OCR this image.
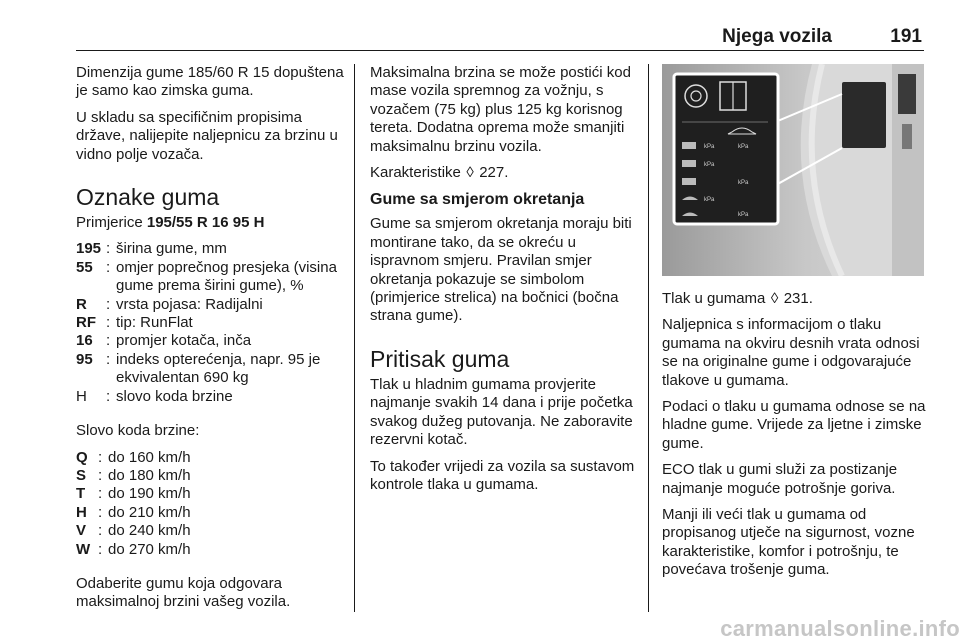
Njega vozila	191

Dimenzija gume 185/60 R 15 dopuštena je samo kao zimska guma.

U skladu sa specifičnim propisima države, nalijepite naljepnicu za brzinu u vidno polje vozača.

Oznake guma

Primjerice 195/55 R 16 95 H

195 : širina gume, mm
55 : omjer poprečnog presjeka (visina gume prema širini gume), %
R	: vrsta pojasa: Radijalni
RF : tip: RunFlat
16 : promjer kotača, inča
95 : indeks opterećenja, napr. 95 je ekvivalentan 690 kg
H	: slovo koda brzine

Slovo koda brzine:

Q : do 160 km/h
S : do 180 km/h
T : do 190 km/h
H : do 210 km/h
V : do 240 km/h
W : do 270 km/h

Odaberite gumu koja odgovara maksimalnoj brzini vašeg vozila.

Maksimalna brzina se može postići kod mase vozila spremnog za vožnju, s vozačem (75 kg) plus 125 kg korisnog tereta. Dodatna oprema može smanjiti maksimalnu brzinu vozila.

Karakteristike ◊ 227.

Gume sa smjerom okretanja

Gume sa smjerom okretanja moraju biti montirane tako, da se okreću u ispravnom smjeru. Pravilan smjer okretanja pokazuje se simbolom (primjerice strelica) na bočnici (bočna strana gume).

Pritisak guma

Tlak u hladnim gumama provjerite najmanje svakih 14 dana i prije početka svakog dužeg putovanja. Ne zaboravite rezervni kotač.

To također vrijedi za vozila sa sustavom kontrole tlaka u gumama.

kPa	kPa
kPa
kPa
kPa
kPa

Tlak u gumama ◊ 231.

Naljepnica s informacijom o tlaku gumama na okviru desnih vrata odnosi se na originalne gume i odgovarajuće tlakove u gumama.

Podaci o tlaku u gumama odnose se na hladne gume. Vrijede za ljetne i zimske gume.

ECO tlak u gumi služi za postizanje najmanje moguće potrošnje goriva.

Manji ili veći tlak u gumama od propisanog utječe na sigurnost, vozne karakteristike, komfor i potrošnju, te povećava trošenje guma.

carmanualsonline.info
